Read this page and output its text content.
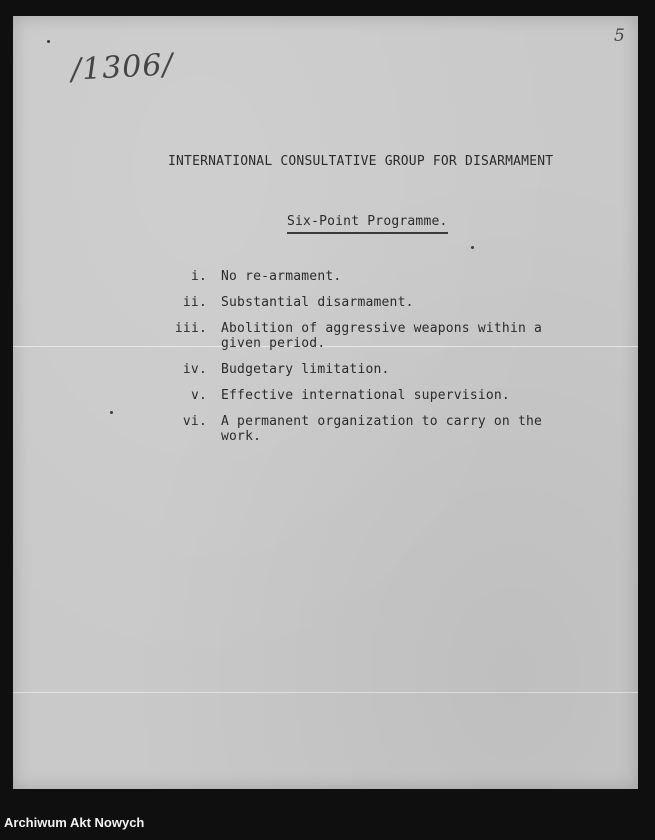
/1306/
5
INTERNATIONAL CONSULTATIVE GROUP FOR DISARMAMENT
Six-Point Programme.
i. No re-armament.
ii. Substantial disarmament.
iii. Abolition of aggressive weapons within a given period.
iv. Budgetary limitation.
v. Effective international supervision.
vi. A permanent organization to carry on the work.
Archiwum Akt Nowych
